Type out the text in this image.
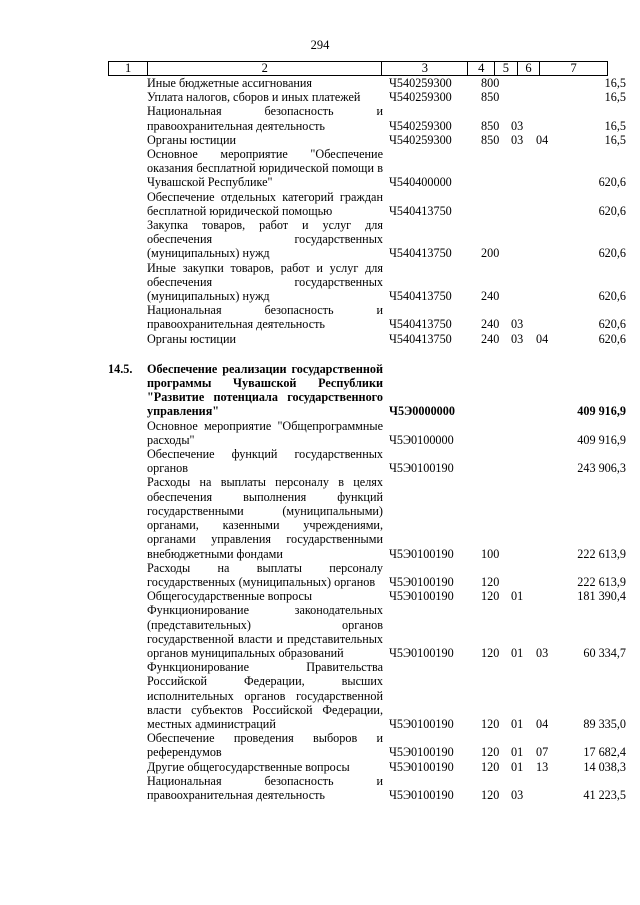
294
1	2	3	4	5	6	7
	Иные бюджетные ассигнования	Ч540259300	800			16,5
	Уплата налогов, сборов и иных платежей	Ч540259300	850			16,5
	Национальная безопасность и правоохранительная деятельность	Ч540259300	850	03		16,5
	Органы юстиции	Ч540259300	850	03	04	16,5
	Основное мероприятие "Обеспечение оказания бесплатной юридической помощи в Чувашской Республике"	Ч540400000				620,6
	Обеспечение отдельных категорий граждан бесплатной юридической помощью	Ч540413750				620,6
	Закупка товаров, работ и услуг для обеспечения государственных (муниципальных) нужд	Ч540413750	200			620,6
	Иные закупки товаров, работ и услуг для обеспечения государственных (муниципальных) нужд	Ч540413750	240			620,6
	Национальная безопасность и правоохранительная деятельность	Ч540413750	240	03		620,6
	Органы юстиции	Ч540413750	240	03	04	620,6

14.5.	Обеспечение реализации государственной программы Чувашской Республики "Развитие потенциала государственного управления"	Ч5Э0000000				409 916,9
	Основное мероприятие "Общепрограммные расходы"	Ч5Э0100000				409 916,9
	Обеспечение функций государственных органов	Ч5Э0100190				243 906,3
	Расходы на выплаты персоналу в целях обеспечения выполнения функций государственными (муниципальными) органами, казенными учреждениями, органами управления государственными внебюджетными фондами	Ч5Э0100190	100			222 613,9
	Расходы на выплаты персоналу государственных (муниципальных) органов	Ч5Э0100190	120			222 613,9
	Общегосударственные вопросы	Ч5Э0100190	120	01		181 390,4
	Функционирование законодательных (представительных) органов государственной власти и представительных органов муниципальных образований	Ч5Э0100190	120	01	03	60 334,7
	Функционирование Правительства Российской Федерации, высших исполнительных органов государственной власти субъектов Российской Федерации, местных администраций	Ч5Э0100190	120	01	04	89 335,0
	Обеспечение проведения выборов и референдумов	Ч5Э0100190	120	01	07	17 682,4
	Другие общегосударственные вопросы	Ч5Э0100190	120	01	13	14 038,3
	Национальная безопасность и правоохранительная деятельность	Ч5Э0100190	120	03		41 223,5
